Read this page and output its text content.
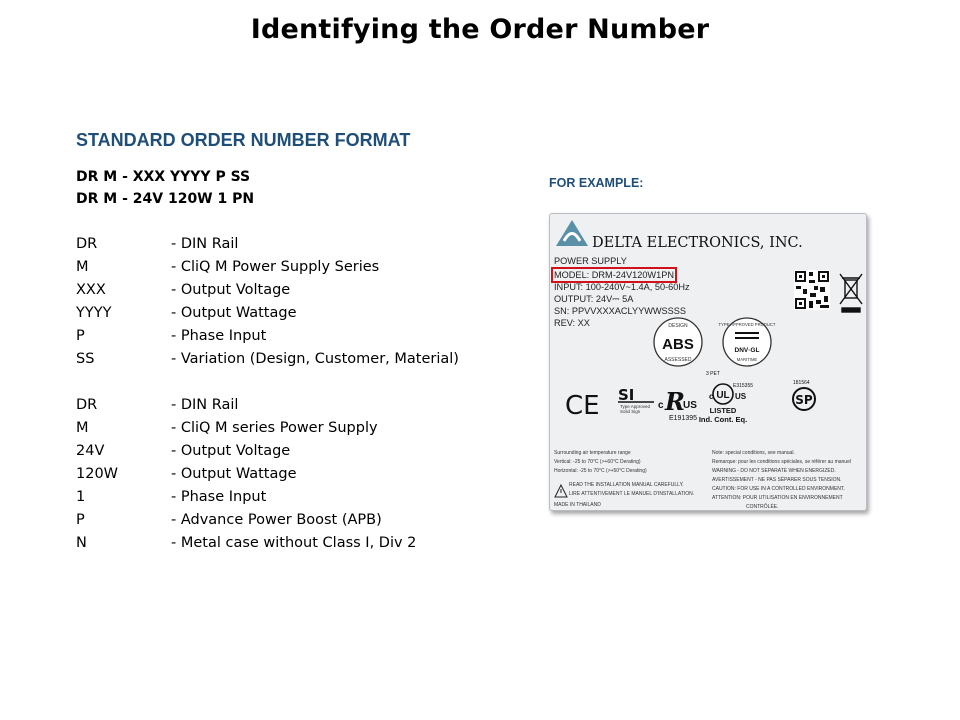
Identifying the Order Number
STANDARD ORDER NUMBER FORMAT
DR M - XXX YYYY P SS
DR M - 24V 120W 1 PN
DR	- DIN Rail
M	- CliQ M Power Supply Series
XXX	- Output Voltage
YYYY	- Output Wattage
P	- Phase Input
SS	- Variation (Design, Customer, Material)
DR	- DIN Rail
M	- CliQ M series Power Supply
24V	- Output Voltage
120W	- Output Wattage
1	- Phase Input
P	- Advance Power Boost (APB)
N	- Metal case without Class I, Div 2
FOR EXAMPLE:
DELTA ELECTRONICS, INC.
POWER SUPPLY
MODEL: DRM-24V120W1PN
INPUT: 100-240V~1.4A, 50-60Hz
OUTPUT: 24V⎓ 5A
SN: PPVVXXXACLYYWWSSSS
REV: XX	DESIGN
ABS
ASSESSED
TYPE APPROVED PRODUCT
DNV·GL
MARITIME
CE SI
Type Approved
Solid Sign
c R
US
E191395
3 PET
E315355
c UL US
LISTED
Ind. Cont. Eq.
181564
SP
Surrounding air temperature range
Vertical: -25 to 70°C (>+60°C Derating)
Horizontal: -25 to 70°C (>+50°C Derating)
READ THE INSTALLATION MANUAL CAREFULLY.
LIRE ATTENTIVEMENT LE MANUEL D'INSTALLATION.
MADE IN THAILAND
Note: special conditions, see manual.
Remarque: pour les conditions spéciales, se référer au manuel
WARNING - DO NOT SEPARATE WHEN ENERGIZED.
AVERTISSEMENT - NE PAS SÉPARER SOUS TENSION.
CAUTION: FOR USE IN A CONTROLLED ENVIRONMENT.
ATTENTION: POUR UTILISATION EN ENVIRONNEMENT
CONTRÔLÉE.
